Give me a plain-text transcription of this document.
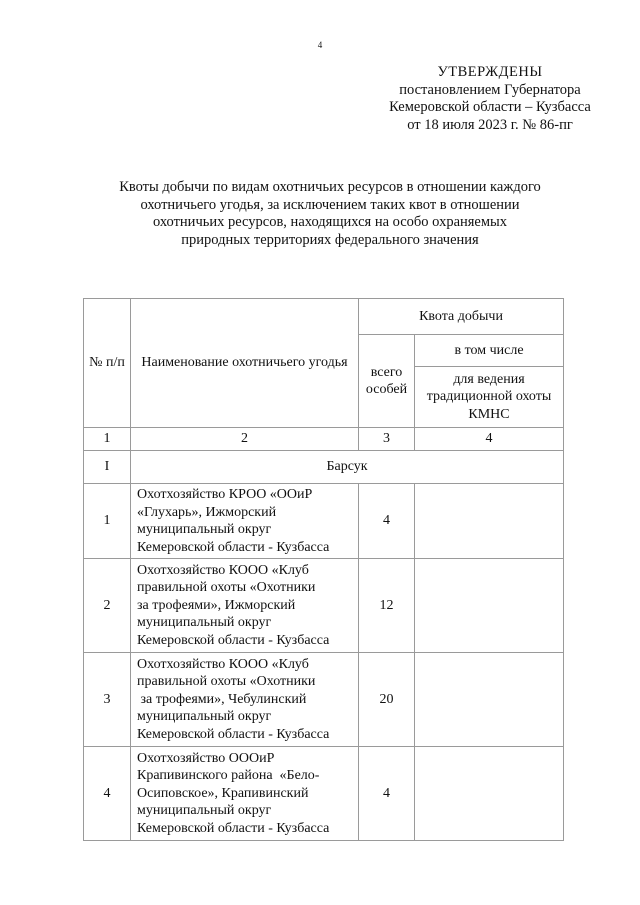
4
УТВЕРЖДЕНЫ
постановлением Губернатора
Кемеровской области – Кузбасса
от 18 июля 2023 г. № 86-пг
Квоты добычи по видам охотничьих ресурсов в отношении каждого
охотничьего угодья, за исключением таких квот в отношении
охотничьих ресурсов, находящихся на особо охраняемых
природных территориях федерального значения
№ п/п	Наименование охотничьего угодья	Квота добычи	
		всего особей	в том числе
			для ведения традиционной охоты КМНС
1	2	3	4
I	Барсук		
1	Охотхозяйство КРОО «ООиР
«Глухарь», Ижморский
муниципальный округ
Кемеровской области - Кузбасса	4	
2	Охотхозяйство КООО «Клуб
правильной охоты «Охотники
за трофеями», Ижморский
муниципальный округ
Кемеровской области - Кузбасса	12	
3	Охотхозяйство КООО «Клуб
правильной охоты «Охотники
за трофеями», Чебулинский
муниципальный округ
Кемеровской области - Кузбасса	20	
4	Охотхозяйство ОООиР
Крапивинского района  «Бело-
Осиповское», Крапивинский
муниципальный округ
Кемеровской области - Кузбасса	4	
